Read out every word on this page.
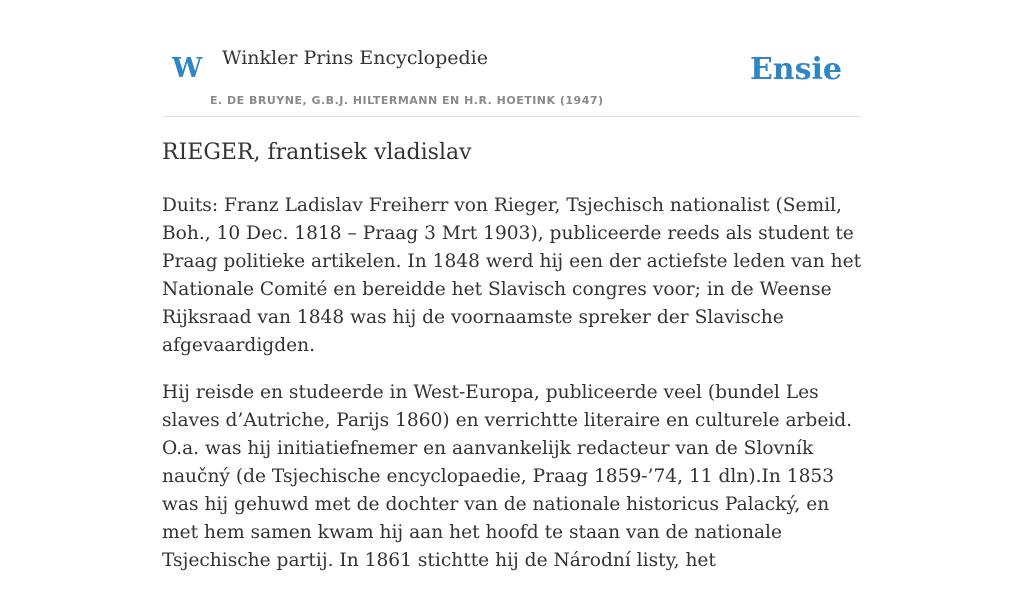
W Winkler Prins Encyclopedie
E. DE BRUYNE, G.B.J. HILTERMANN EN H.R. HOETINK (1947)
Ensie
RIEGER, frantisek vladislav

Duits: Franz Ladislav Freiherr von Rieger, Tsjechisch nationalist (Semil, Boh., 10 Dec. 1818 – Praag 3 Mrt 1903), publiceerde reeds als student te Praag politieke artikelen. In 1848 werd hij een der actiefste leden van het Nationale Comité en bereidde het Slavisch congres voor; in de Weense Rijksraad van 1848 was hij de voornaamste spreker der Slavische afgevaardigden.

Hij reisde en studeerde in West-Europa, publiceerde veel (bundel Les slaves d’Autriche, Parijs 1860) en verrichtte literaire en culturele arbeid. O.a. was hij initiatiefnemer en aanvankelijk redacteur van de Slovník naučný (de Tsjechische encyclopaedie, Praag 1859-’74, 11 dln).In 1853 was hij gehuwd met de dochter van de nationale historicus Palacký, en met hem samen kwam hij aan het hoofd te staan van de nationale Tsjechische partij. In 1861 stichtte hij de Národní listy, het
